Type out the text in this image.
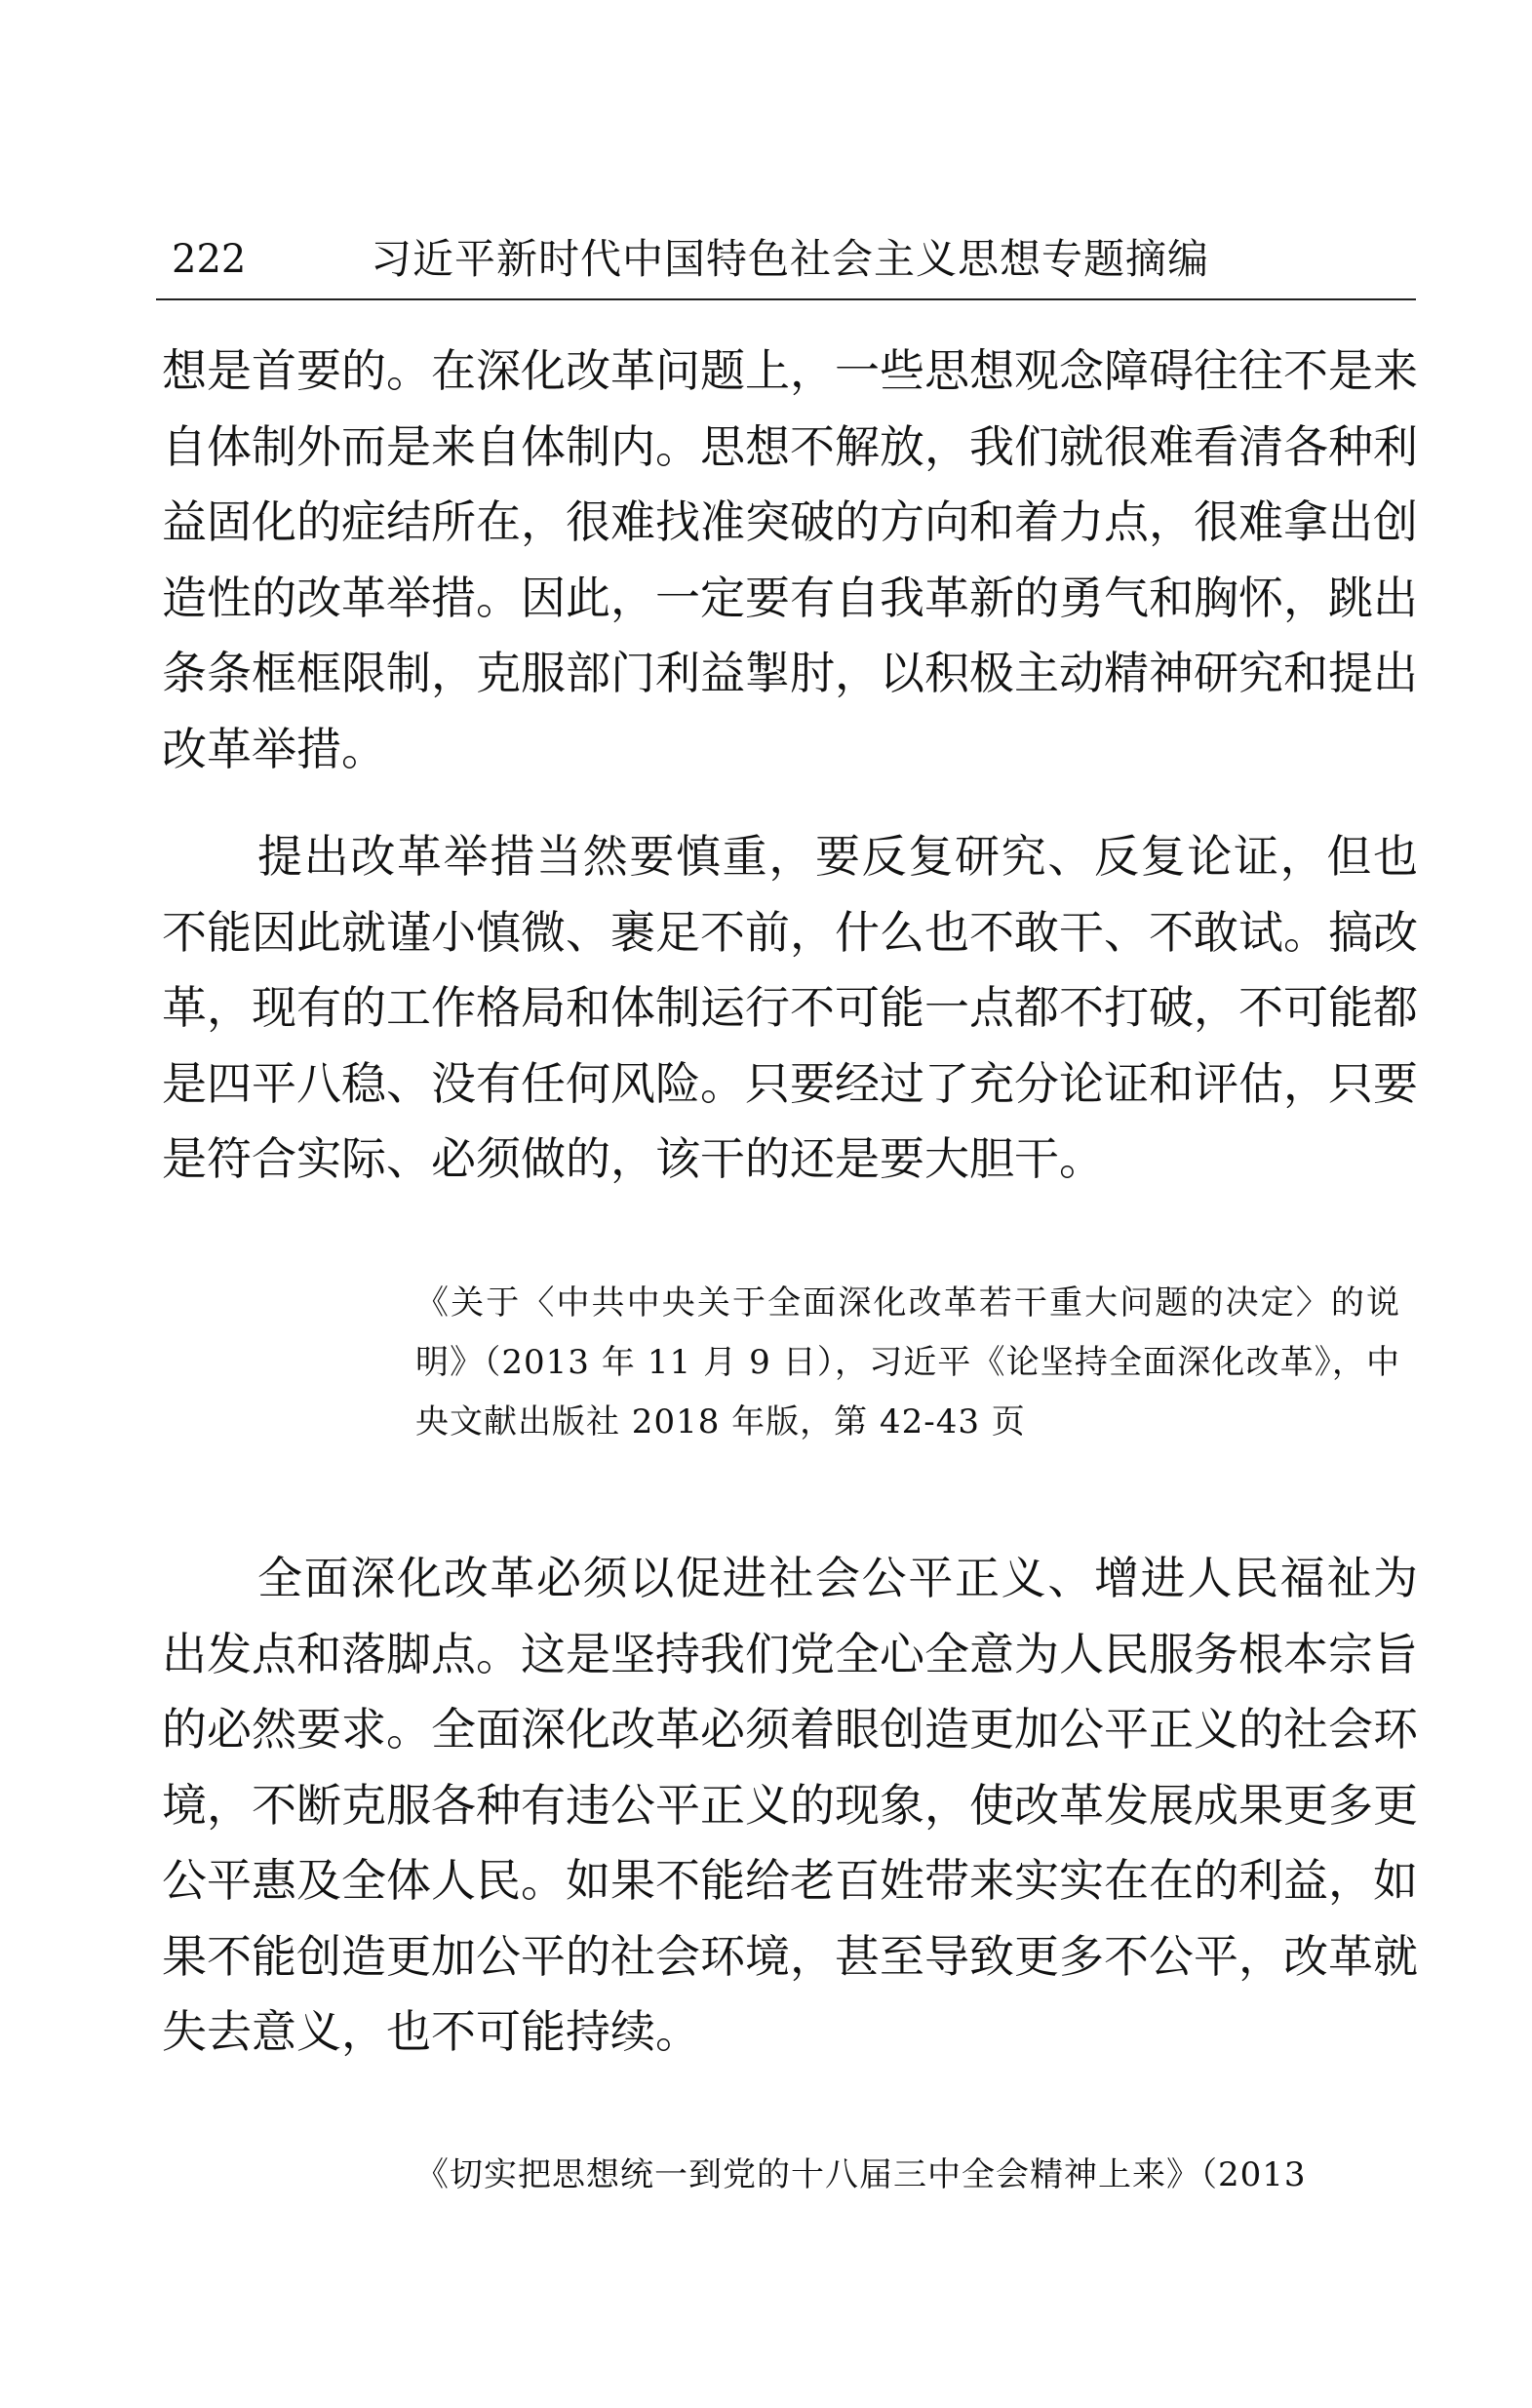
222	习近平新时代中国特色社会主义思想专题摘编

想是首要的。在深化改革问题上，一些思想观念障碍往往不是来自体制外而是来自体制内。思想不解放，我们就很难看清各种利益固化的症结所在，很难找准突破的方向和着力点，很难拿出创造性的改革举措。因此，一定要有自我革新的勇气和胸怀，跳出条条框框限制，克服部门利益掣肘，以积极主动精神研究和提出改革举措。

提出改革举措当然要慎重，要反复研究、反复论证，但也不能因此就谨小慎微、裹足不前，什么也不敢干、不敢试。搞改革，现有的工作格局和体制运行不可能一点都不打破，不可能都是四平八稳、没有任何风险。只要经过了充分论证和评估，只要是符合实际、必须做的，该干的还是要大胆干。

《关于〈中共中央关于全面深化改革若干重大问题的决定〉的说明》（2013 年 11 月 9 日），习近平《论坚持全面深化改革》，中央文献出版社 2018 年版，第 42-43 页

全面深化改革必须以促进社会公平正义、增进人民福祉为出发点和落脚点。这是坚持我们党全心全意为人民服务根本宗旨的必然要求。全面深化改革必须着眼创造更加公平正义的社会环境，不断克服各种有违公平正义的现象，使改革发展成果更多更公平惠及全体人民。如果不能给老百姓带来实实在在的利益，如果不能创造更加公平的社会环境，甚至导致更多不公平，改革就失去意义，也不可能持续。

《切实把思想统一到党的十八届三中全会精神上来》（2013
